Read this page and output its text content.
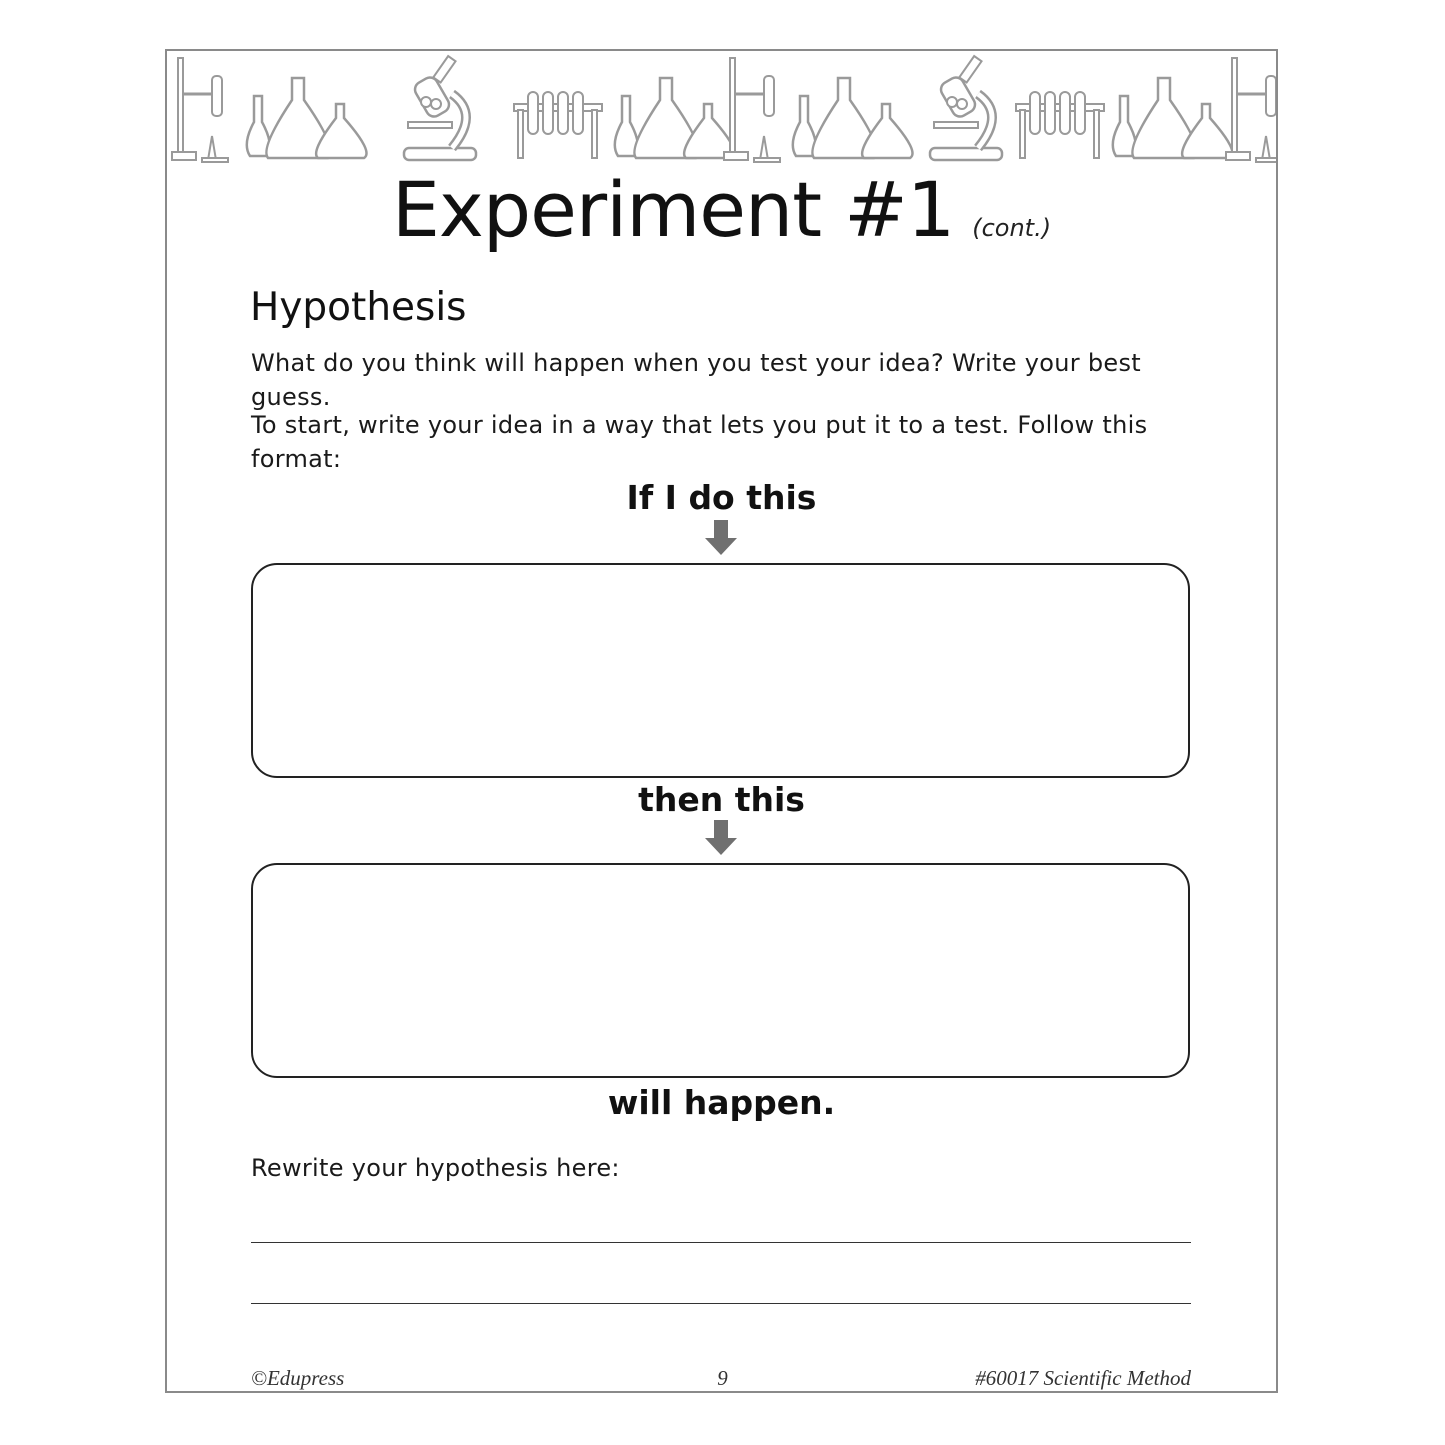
Experiment #1 (cont.)
Hypothesis
What do you think will happen when you test your idea? Write your best guess.
To start, write your idea in a way that lets you put it to a test. Follow this format:
If I do this
then this
will happen.
Rewrite your hypothesis here:
©Edupress	9	#60017 Scientific Method
